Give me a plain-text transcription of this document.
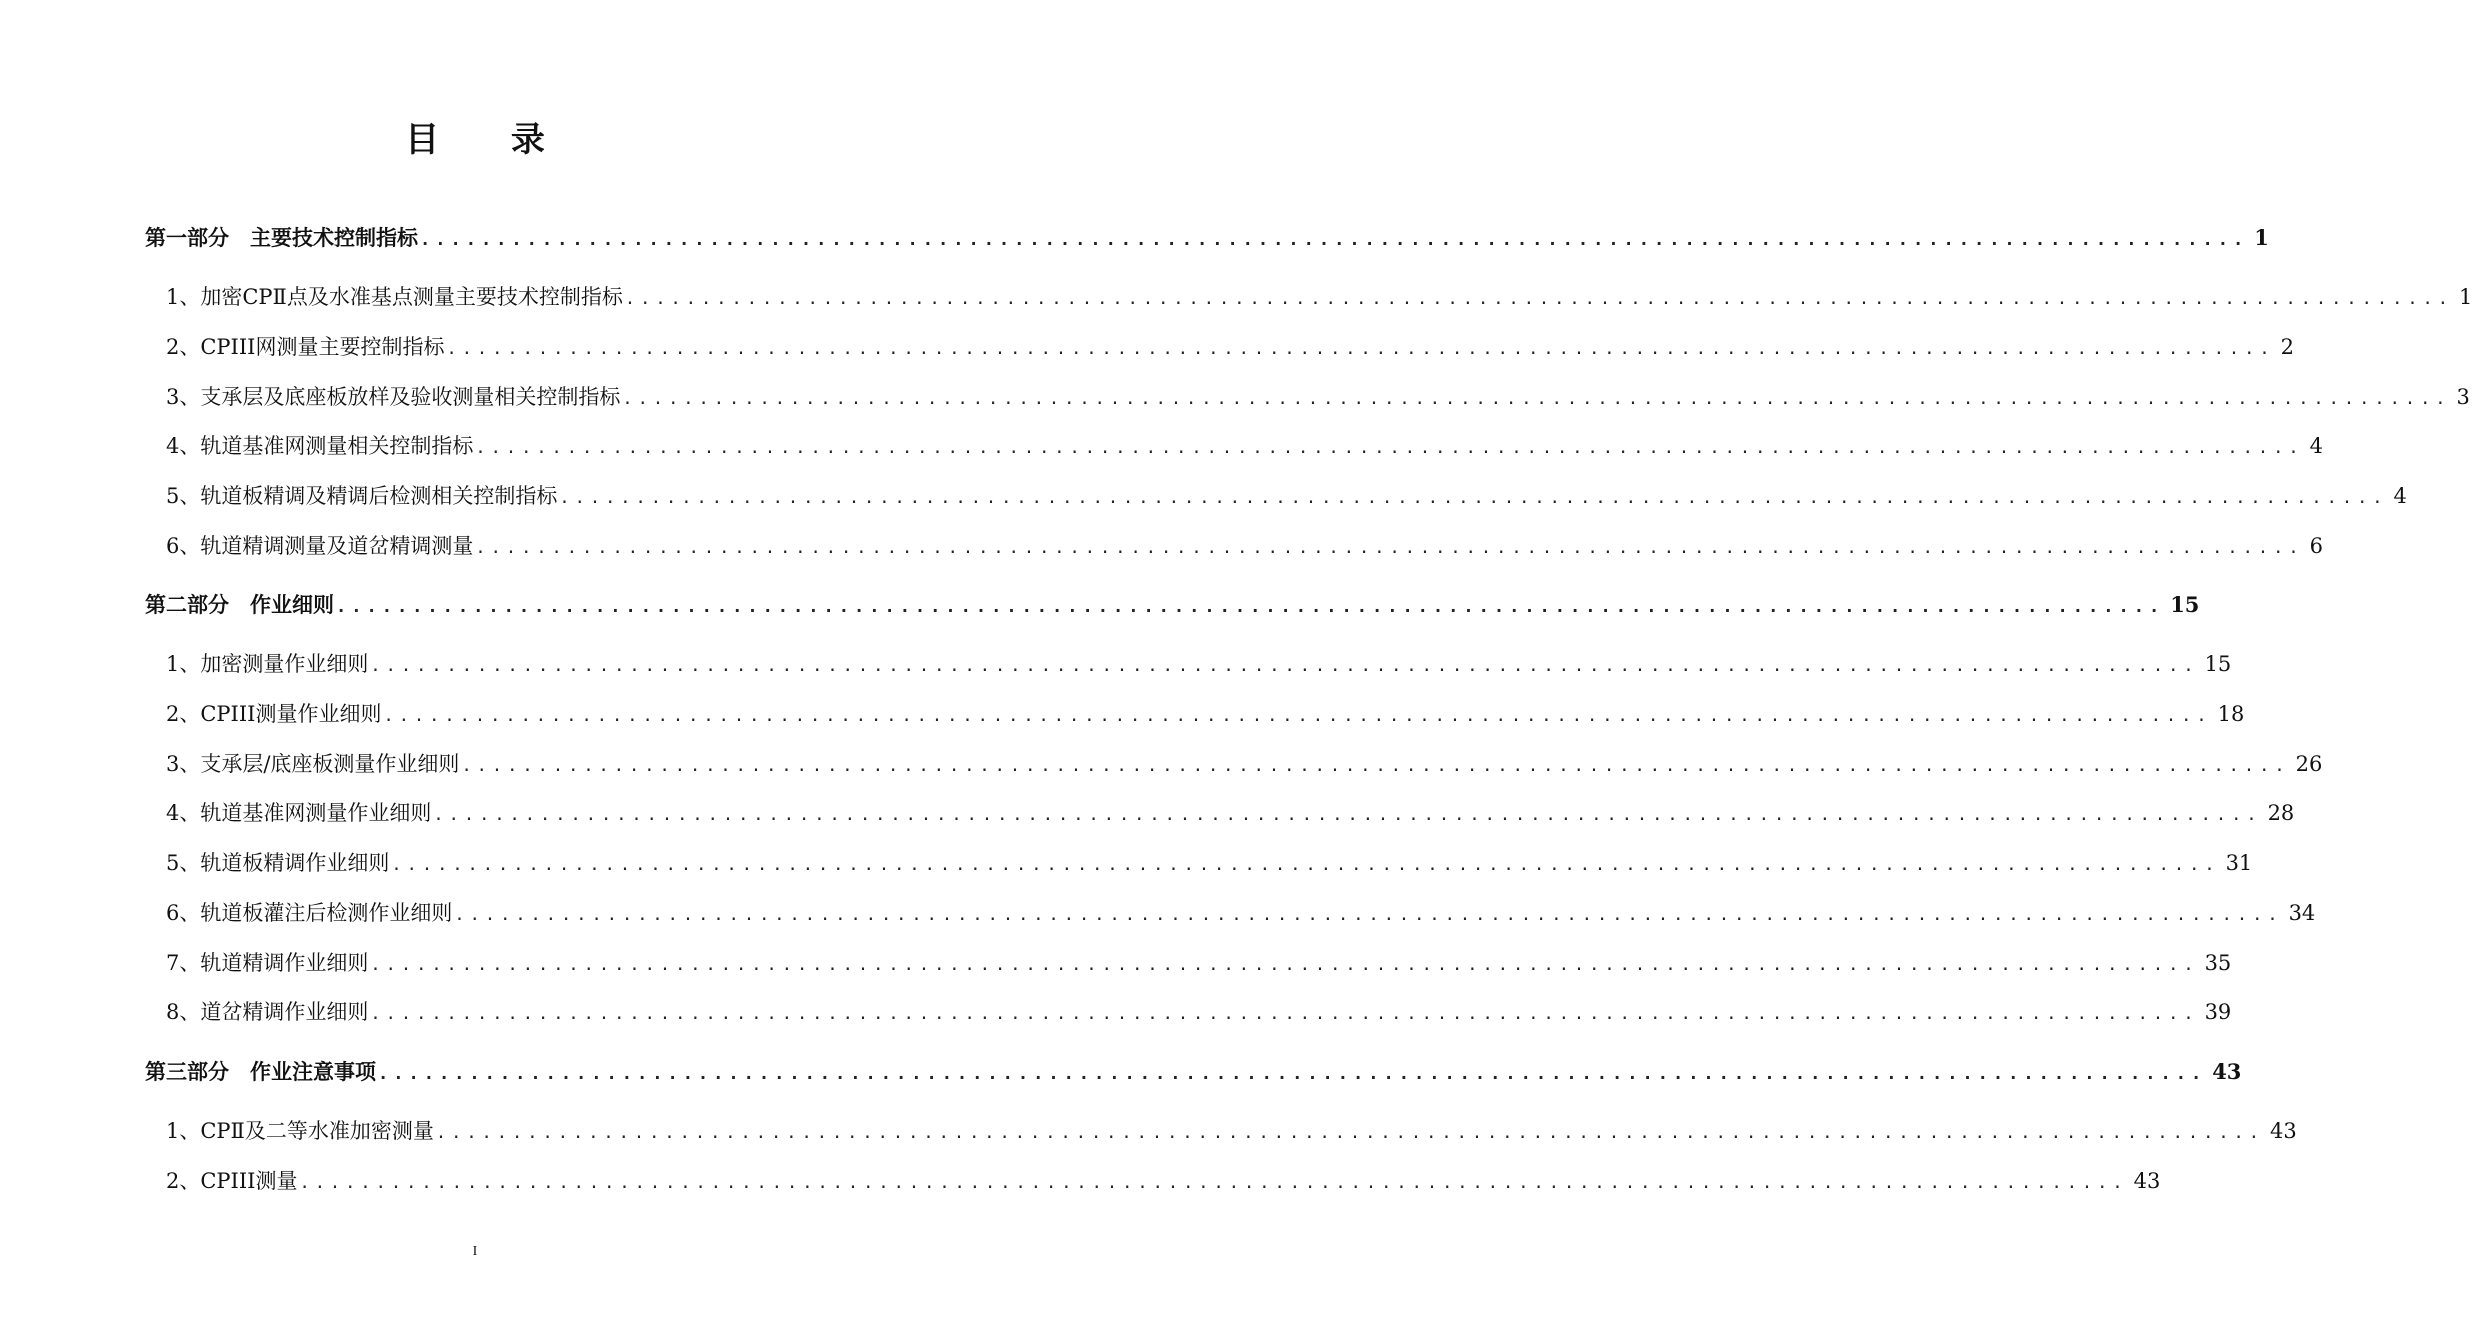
目 录
第一部分　主要技术控制指标 ........................................................................................................................ 1
1、加密CPⅡ点及水准基点测量主要技术控制指标 ........................................................................................................................ 1
2、CPIII网测量主要控制指标 ........................................................................................................................ 2
3、支承层及底座板放样及验收测量相关控制指标 ........................................................................................................................ 3
4、轨道基准网测量相关控制指标 ........................................................................................................................ 4
5、轨道板精调及精调后检测相关控制指标 ........................................................................................................................ 4
6、轨道精调测量及道岔精调测量 ........................................................................................................................ 6
第二部分　作业细则 ........................................................................................................................ 15
1、加密测量作业细则 ........................................................................................................................ 15
2、CPIII测量作业细则 ........................................................................................................................ 18
3、支承层/底座板测量作业细则 ........................................................................................................................ 26
4、轨道基准网测量作业细则 ........................................................................................................................ 28
5、轨道板精调作业细则 ........................................................................................................................ 31
6、轨道板灌注后检测作业细则 ........................................................................................................................ 34
7、轨道精调作业细则 ........................................................................................................................ 35
8、道岔精调作业细则 ........................................................................................................................ 39
第三部分　作业注意事项 ........................................................................................................................ 43
1、CPⅡ及二等水准加密测量 ........................................................................................................................ 43
2、CPIII测量 ........................................................................................................................ 43
I
